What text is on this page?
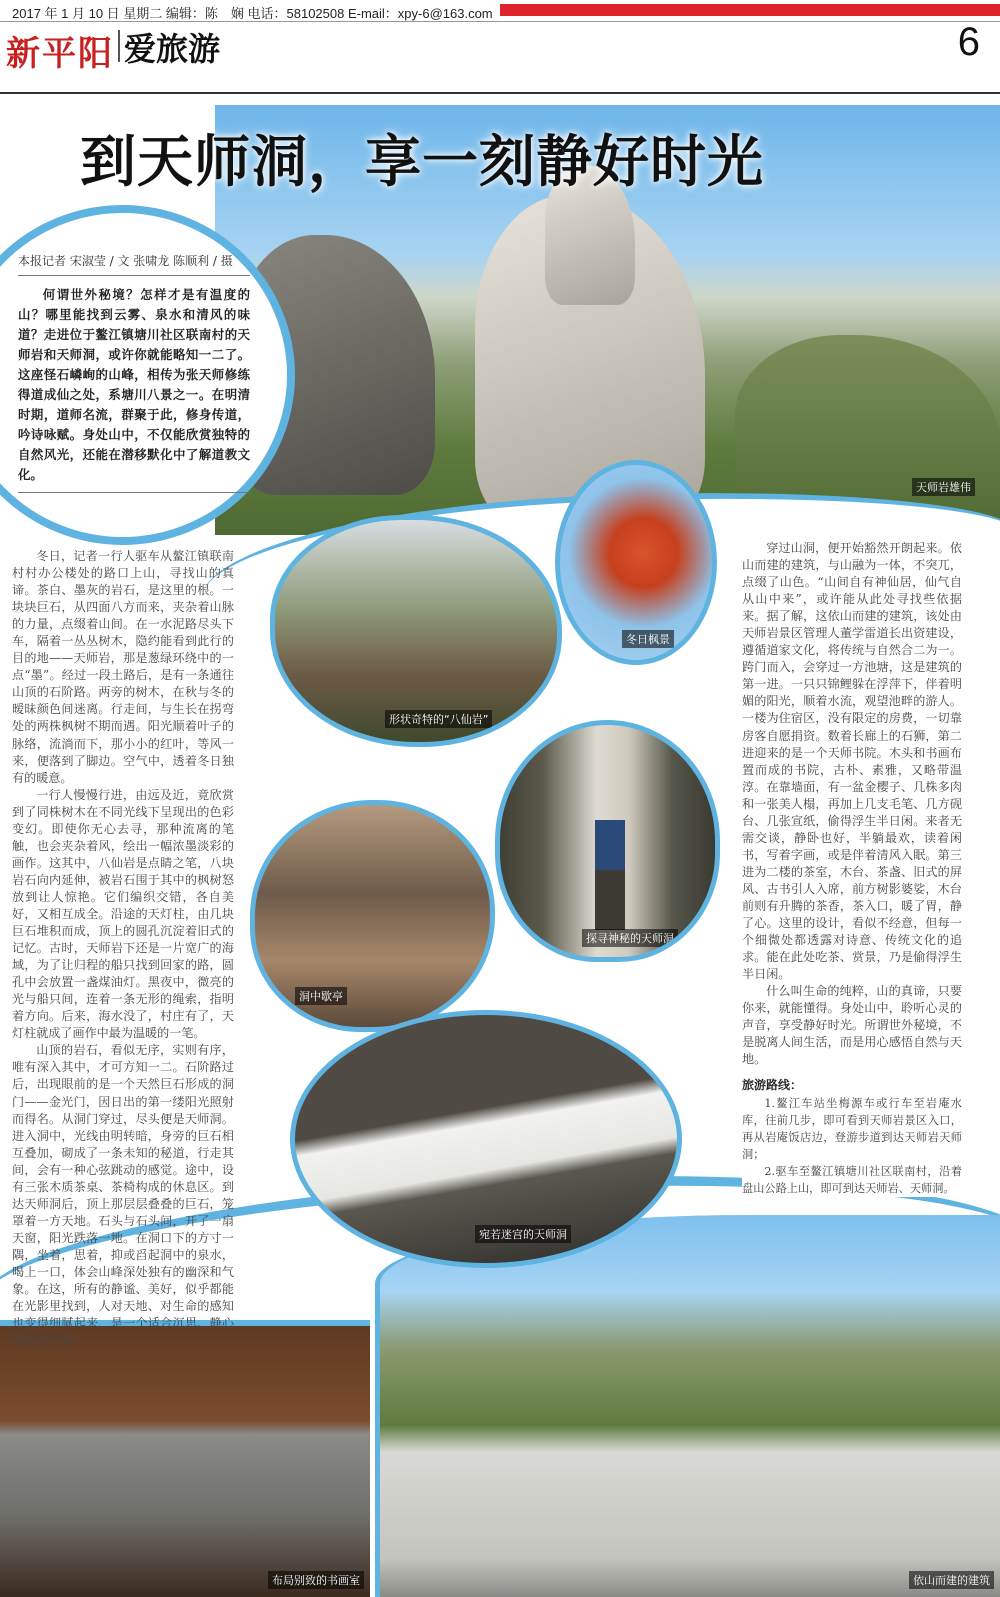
2017 年 1 月 10 日 星期二 编辑：陈　娴 电话：58102508 E-mail：xpy-6@163.com
新平阳 爱旅游	6
到天师洞，享一刻静好时光
天师岩雄伟
本报记者 宋淑莹 / 文 张啸龙 陈顺利 / 摄
何谓世外秘境？怎样才是有温度的山？哪里能找到云雾、泉水和清风的味道？走进位于鳌江镇塘川社区联南村的天师岩和天师洞，或许你就能略知一二了。这座怪石嶙峋的山峰，相传为张天师修练得道成仙之处，系塘川八景之一。在明清时期，道师名流，群聚于此，修身传道，吟诗咏赋。身处山中，不仅能欣赏独特的自然风光，还能在潜移默化中了解道教文化。
形状奇特的“八仙岩”
冬日枫景
探寻神秘的天师洞
洞中歇亭
布局别致的书画室	依山而建的建筑
宛若迷宫的天师洞

冬日，记者一行人驱车从鳌江镇联南村村办公楼处的路口上山，寻找山的真谛。茶白、墨灰的岩石，是这里的根。一块块巨石，从四面八方而来，夹杂着山脉的力量，点缀着山间。在一水泥路尽头下车，隔着一丛丛树木，隐约能看到此行的目的地——天师岩，那是葱绿环绕中的一点“墨”。经过一段土路后，是有一条通往山顶的石阶路。两旁的树木，在秋与冬的暧昧颜色间迷离。行走间，与生长在拐弯处的两株枫树不期而遇。阳光顺着叶子的脉络，流淌而下，那小小的红叶，等风一来，便落到了脚边。空气中，透着冬日独有的暖意。

一行人慢慢行进，由远及近，竟欣赏到了同株树木在不同光线下呈现出的色彩变幻。即使你无心去寻，那种流离的笔触，也会夹杂着风，绘出一幅浓墨淡彩的画作。这其中，八仙岩是点睛之笔，八块岩石向内延伸，被岩石围于其中的枫树怒放到让人惊艳。它们编织交错，各自美好，又相互成全。沿途的天灯柱，由几块巨石堆积而成，顶上的圆孔沉淀着旧式的记忆。古时，天师岩下还是一片宽广的海域，为了让归程的船只找到回家的路，圆孔中会放置一盏煤油灯。黑夜中，微亮的光与船只间，连着一条无形的绳索，指明着方向。后来，海水没了，村庄有了，天灯柱就成了画作中最为温暖的一笔。

山顶的岩石，看似无序，实则有序，唯有深入其中，才可方知一二。石阶路过后，出现眼前的是一个天然巨石形成的洞门——金光门，因日出的第一缕阳光照射而得名。从洞门穿过，尽头便是天师洞。进入洞中，光线由明转暗，身旁的巨石相互叠加，砌成了一条未知的秘道，行走其间，会有一种心弦跳动的感觉。途中，设有三张木质茶桌、茶椅构成的休息区。到达天师洞后，顶上那层层叠叠的巨石，笼罩着一方天地。石头与石头间，开了一扇天窗，阳光跌落一地。在洞口下的方寸一隅，坐着，思着，抑或舀起洞中的泉水，喝上一口，体会山峰深处独有的幽深和气象。在这，所有的静谧、美好，似乎都能在光影里找到，人对天地、对生命的感知也变得细腻起来，是一个适合沉思、静心的淡然空间。

穿过山洞，便开始豁然开朗起来。依山而建的建筑，与山融为一体，不突兀，点缀了山色。“山间自有神仙居，仙气自从山中来”，或许能从此处寻找些依据来。据了解，这依山而建的建筑，该处由天师岩景区管理人董学雷道长出资建设，遵循道家文化，将传统与自然合二为一。跨门而入，会穿过一方池塘，这是建筑的第一进。一只只锦鲤躲在浮萍下，伴着明媚的阳光，顺着水流，观望池畔的游人。一楼为住宿区，没有限定的房费，一切靠房客自愿捐资。数着长廊上的石狮，第二进迎来的是一个天师书院。木头和书画布置而成的书院，古朴、素雅，又略带温淳。在靠墙面，有一盆金樱子、几株多肉和一张美人榻，再加上几支毛笔、几方砚台、几张宣纸，偷得浮生半日闲。来者无需交谈，静卧也好，半躺最欢，读着闲书，写着字画，或是伴着清风入眠。第三进为二楼的茶室，木台、茶盏、旧式的屏风、古书引人入席，前方树影婆娑，木台前则有升腾的茶香，茶入口，暖了胃，静了心。这里的设计，看似不经意，但每一个细微处都透露对诗意、传统文化的追求。能在此处吃茶、赏景，乃是偷得浮生半日闲。

什么叫生命的纯粹，山的真谛，只要你来，就能懂得。身处山中，聆听心灵的声音，享受静好时光。所谓世外秘境，不是脱离人间生活，而是用心感悟自然与天地。

旅游路线：

1.鳌江车站坐梅源车或行车至岩庵水库，往前几步，即可看到天师岩景区入口，再从岩庵饭店边，登游步道到达天师岩天师洞；

2.驱车至鳌江镇塘川社区联南村，沿着盘山公路上山，即可到达天师岩、天师洞。
